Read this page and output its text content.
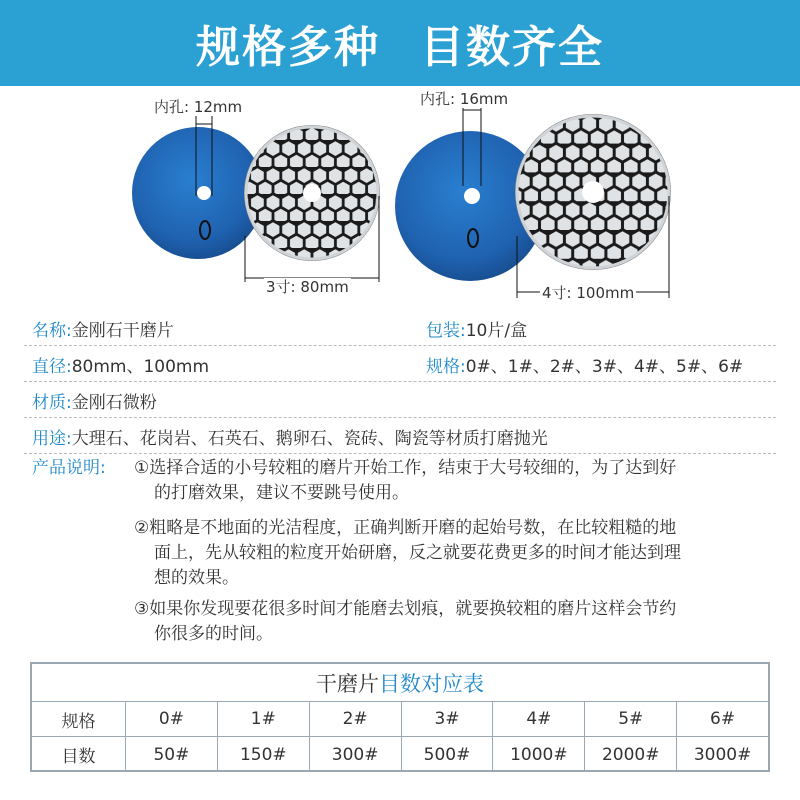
规格多种 目数齐全
内孔: 12mm	内孔: 16mm
3寸: 80mm	4寸: 100mm
名称: 金刚石干磨片	包装: 10片/盒
直径: 80mm、100mm	规格: 0#、1#、2#、3#、4#、5#、6#
材质: 金刚石微粉
用途: 大理石、花岗岩、石英石、鹅卵石、瓷砖、陶瓷等材质打磨抛光
产品说明: ①选择合适的小号较粗的磨片开始工作，结束于大号较细的，为了达到好
的打磨效果，建议不要跳号使用。
②粗略是不地面的光洁程度，正确判断开磨的起始号数，在比较粗糙的地
面上，先从较粗的粒度开始研磨，反之就要花费更多的时间才能达到理
想的效果。
③如果你发现要花很多时间才能磨去划痕，就要换较粗的磨片这样会节约
你很多的时间。
干磨片 目数对应表
规格	0#	1#	2#	3#	4#	5#	6#
目数	50#	150#	300#	500#	1000#	2000#	3000#
